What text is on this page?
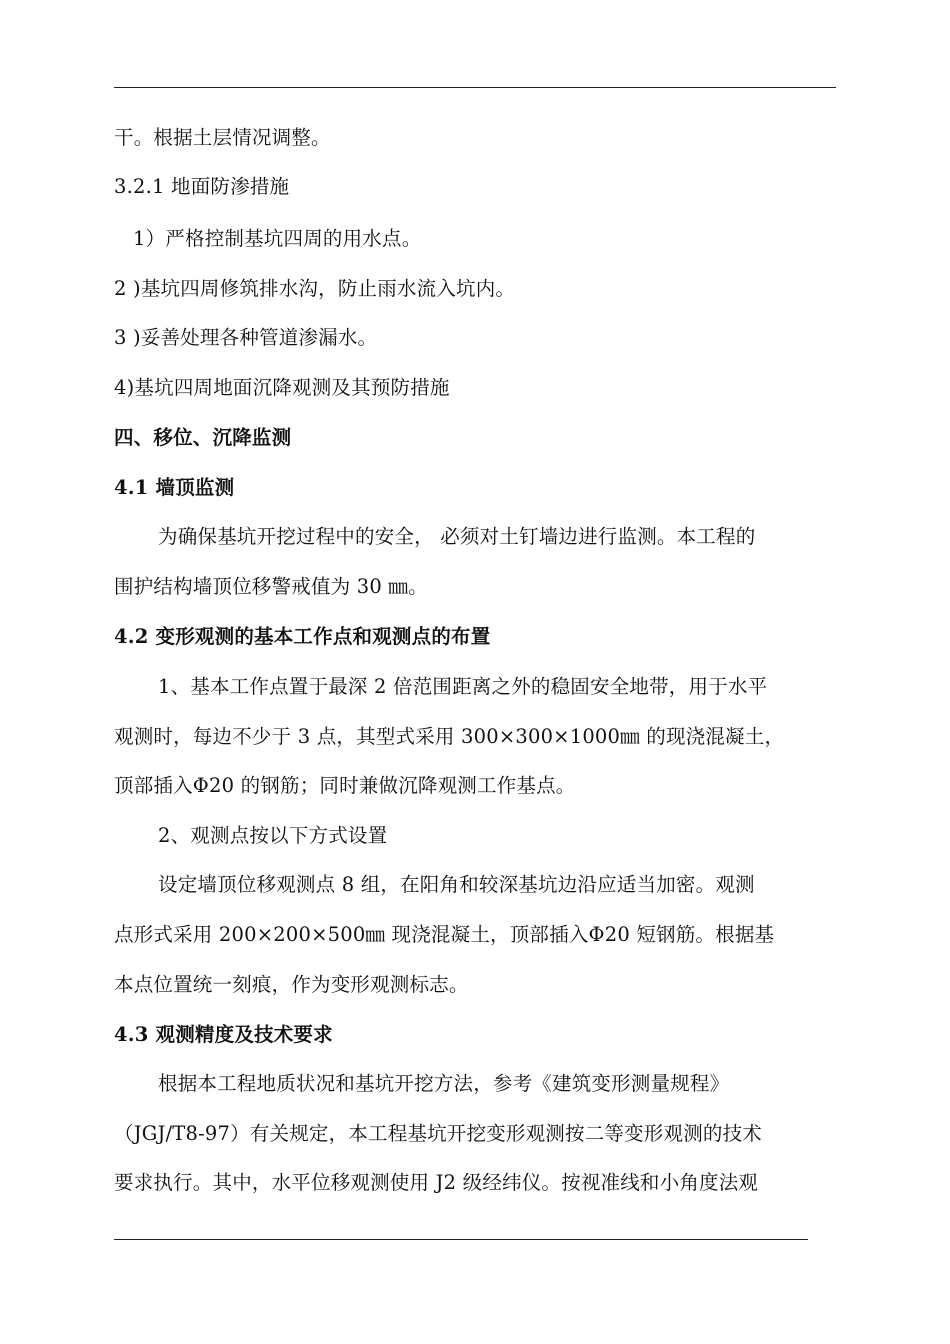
干。根据土层情况调整。
3.2.1 地面防渗措施
1）严格控制基坑四周的用水点。
2 )基坑四周修筑排水沟，防止雨水流入坑内。
3 )妥善处理各种管道渗漏水。
4)基坑四周地面沉降观测及其预防措施
四、移位、沉降监测
4.1 墙顶监测
为确保基坑开挖过程中的安全， 必须对土钉墙边进行监测。本工程的
围护结构墙顶位移警戒值为 30 ㎜。
4.2 变形观测的基本工作点和观测点的布置
1、基本工作点置于最深 2 倍范围距离之外的稳固安全地带，用于水平
观测时，每边不少于 3 点，其型式采用 300×300×1000㎜ 的现浇混凝土，
顶部插入Φ20 的钢筋；同时兼做沉降观测工作基点。
2、观测点按以下方式设置
设定墙顶位移观测点 8 组，在阳角和较深基坑边沿应适当加密。观测
点形式采用 200×200×500㎜ 现浇混凝土，顶部插入Φ20 短钢筋。根据基
本点位置统一刻痕，作为变形观测标志。
4.3 观测精度及技术要求
根据本工程地质状况和基坑开挖方法，参考《建筑变形测量规程》
（JGJ/T8-97）有关规定，本工程基坑开挖变形观测按二等变形观测的技术
要求执行。其中，水平位移观测使用 J2 级经纬仪。按视准线和小角度法观
